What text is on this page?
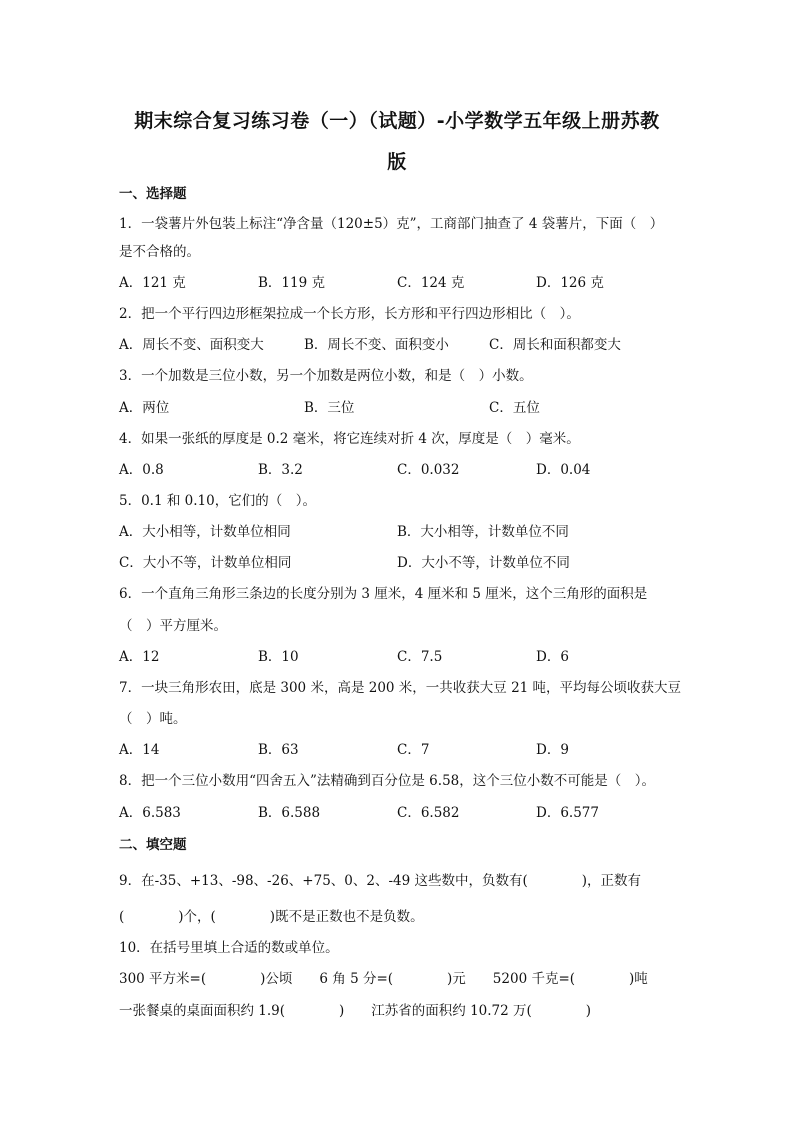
期末综合复习练习卷（一）（试题）-小学数学五年级上册苏教
版
一、选择题
1．一袋薯片外包装上标注“净含量（120±5）克”，工商部门抽查了 4 袋薯片，下面（　）
是不合格的。
A．121 克	B．119 克	C．124 克	D．126 克
2．把一个平行四边形框架拉成一个长方形，长方形和平行四边形相比（　）。
A．周长不变、面积变大	B．周长不变、面积变小	C．周长和面积都变大
3．一个加数是三位小数，另一个加数是两位小数，和是（　）小数。
A．两位	B．三位	C．五位
4．如果一张纸的厚度是 0.2 毫米，将它连续对折 4 次，厚度是（　）毫米。
A．0.8	B．3.2	C．0.032	D．0.04
5．0.1 和 0.10，它们的（　）。
A．大小相等，计数单位相同	B．大小相等，计数单位不同
C．大小不等，计数单位相同	D．大小不等，计数单位不同
6．一个直角三角形三条边的长度分别为 3 厘米，4 厘米和 5 厘米，这个三角形的面积是
（　）平方厘米。
A．12	B．10	C．7.5	D．6
7．一块三角形农田，底是 300 米，高是 200 米，一共收获大豆 21 吨，平均每公顷收获大豆
（　）吨。
A．14	B．63	C．7	D．9
8．把一个三位小数用“四舍五入”法精确到百分位是 6.58，这个三位小数不可能是（　）。
A．6.583	B．6.588	C．6.582	D．6.577
二、填空题
9．在-35、+13、-98、-26、+75、0、2、-49 这些数中，负数有(　　　　)，正数有
(　　　　)个，(　　　　)既不是正数也不是负数。
10．在括号里填上合适的数或单位。
300 平方米=(　　　　)公顷　　6 角 5 分=(　　　　)元　　5200 千克=(　　　　)吨
一张餐桌的桌面面积约 1.9(　　　　)　　江苏省的面积约 10.72 万(　　　　)
